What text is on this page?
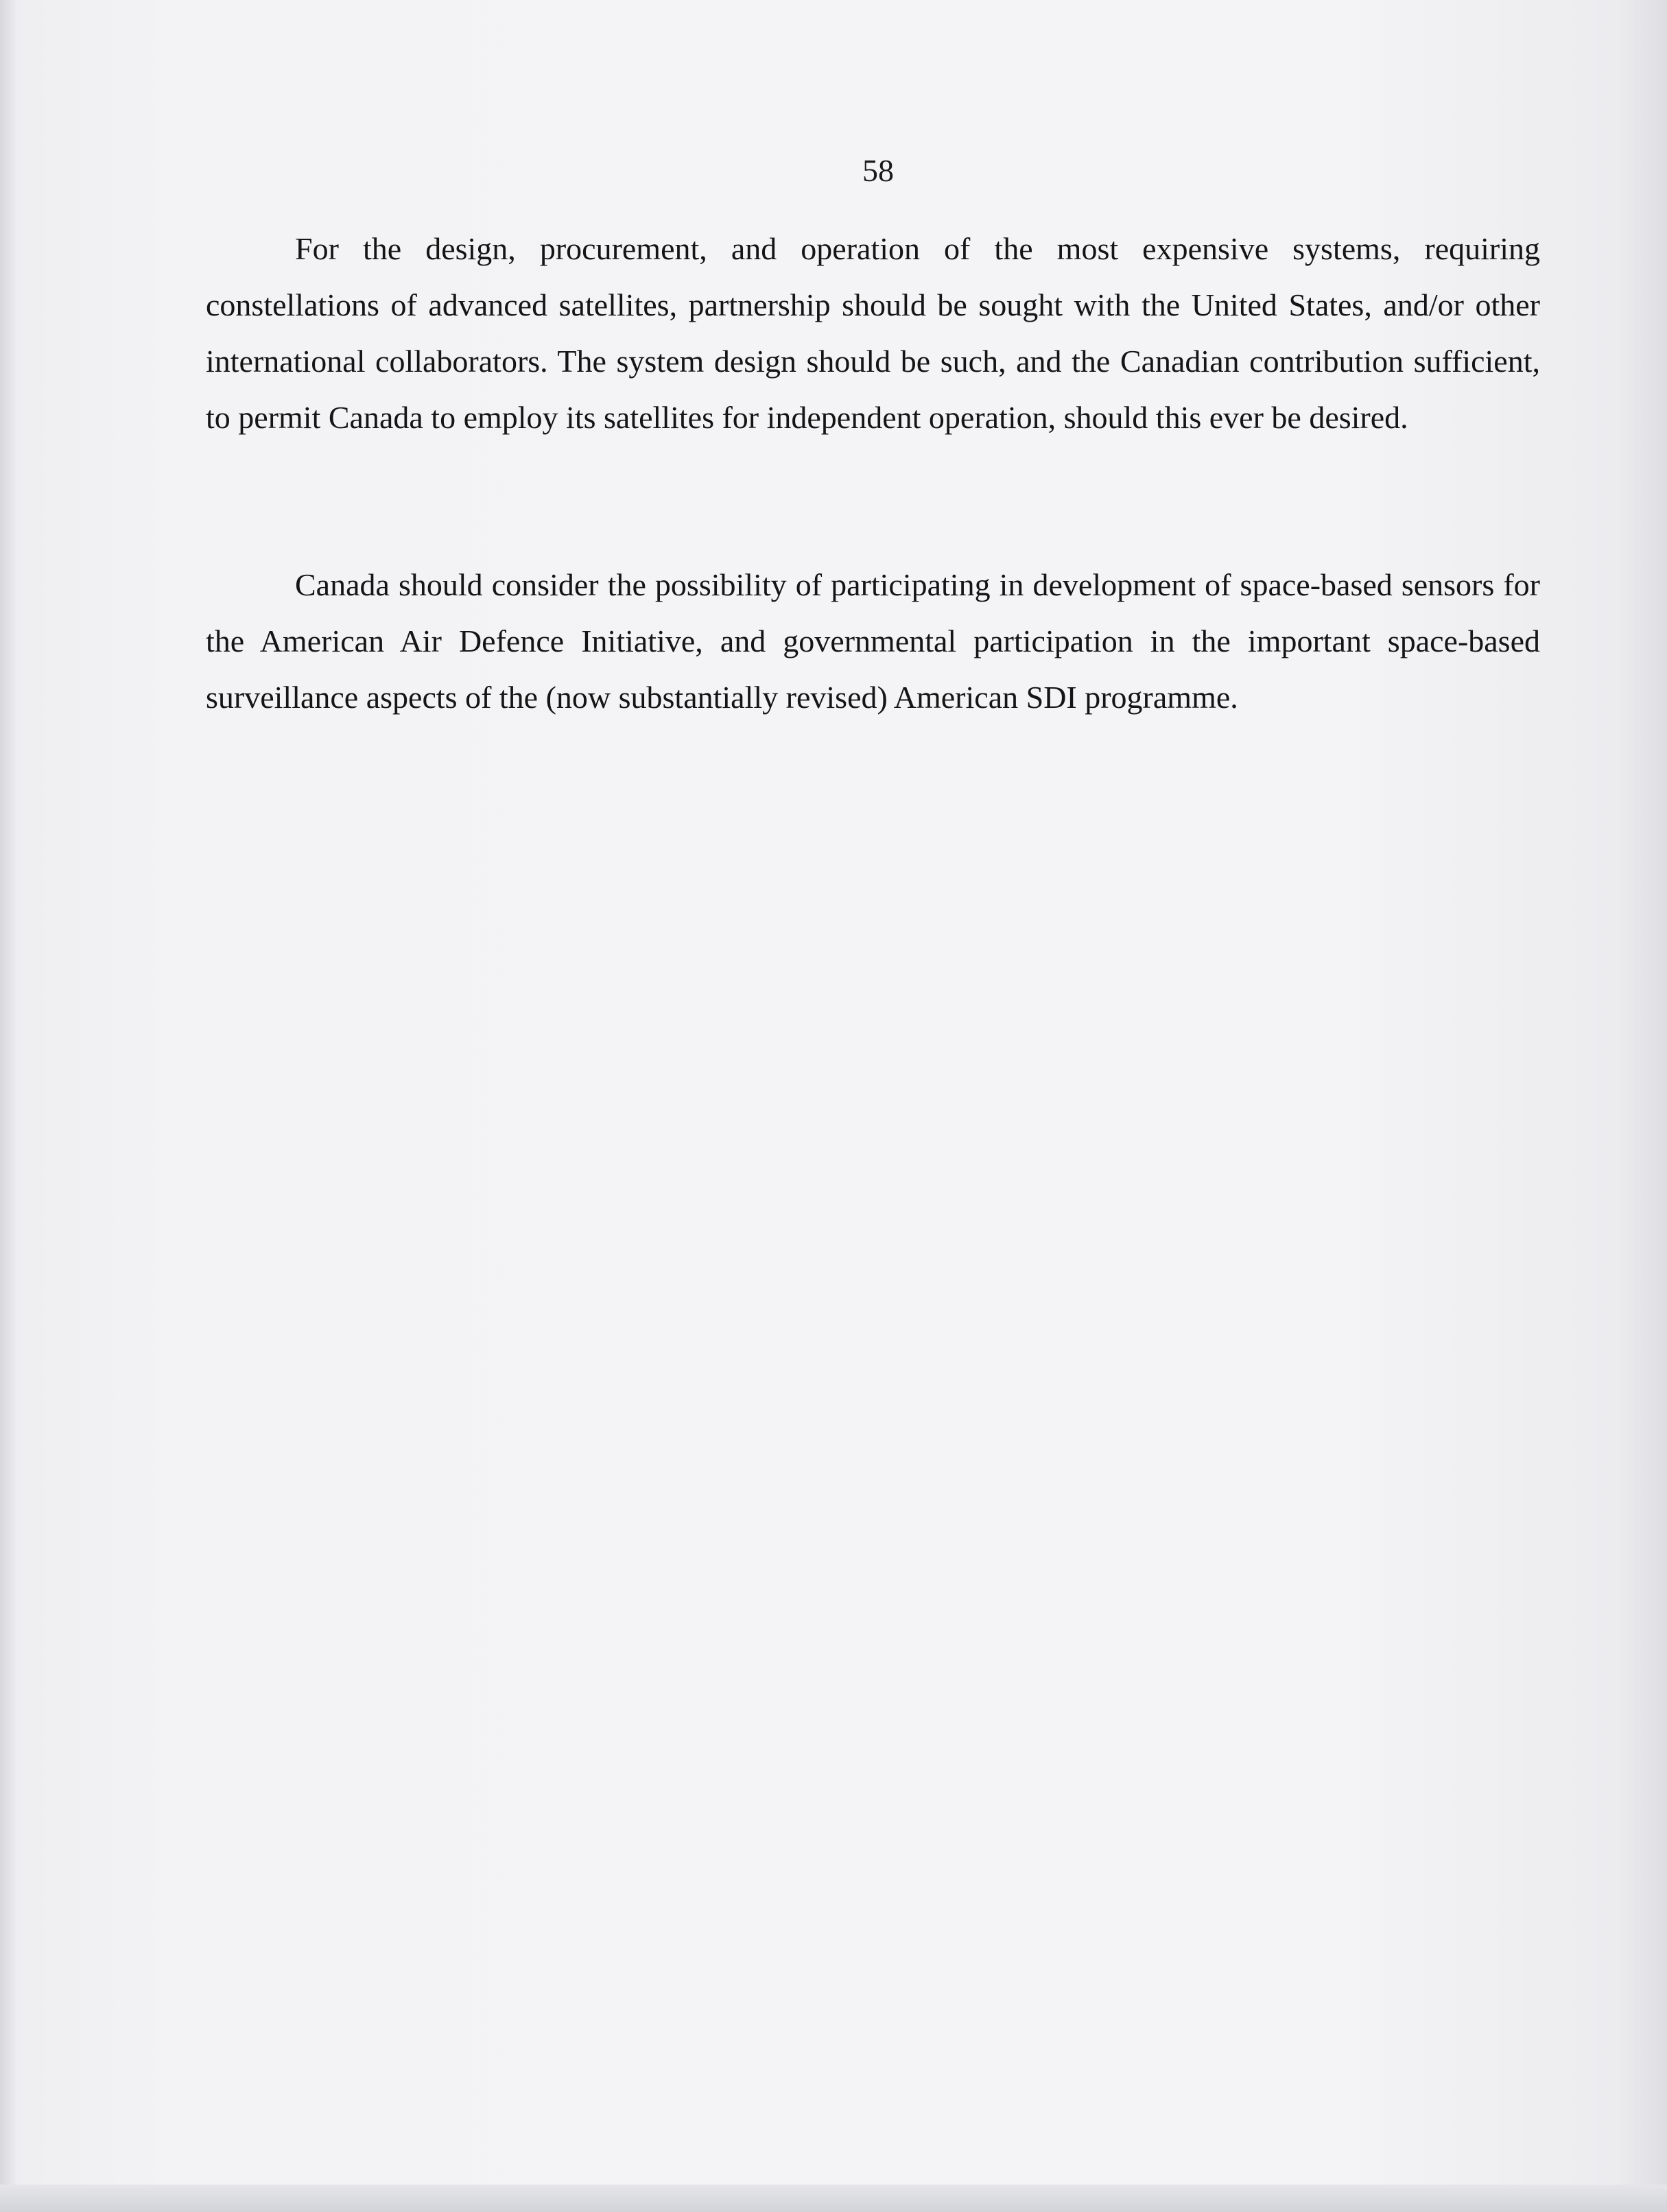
58

For the design, procurement, and operation of the most expensive systems, requiring constellations of advanced satellites, partnership should be sought with the United States, and/or other international collaborators. The system design should be such, and the Canadian contribution sufficient, to permit Canada to employ its satellites for independent operation, should this ever be desired.

Canada should consider the possibility of participating in development of space-based sensors for the American Air Defence Initiative, and governmental participation in the important space-based surveillance aspects of the (now substantially revised) American SDI programme.
